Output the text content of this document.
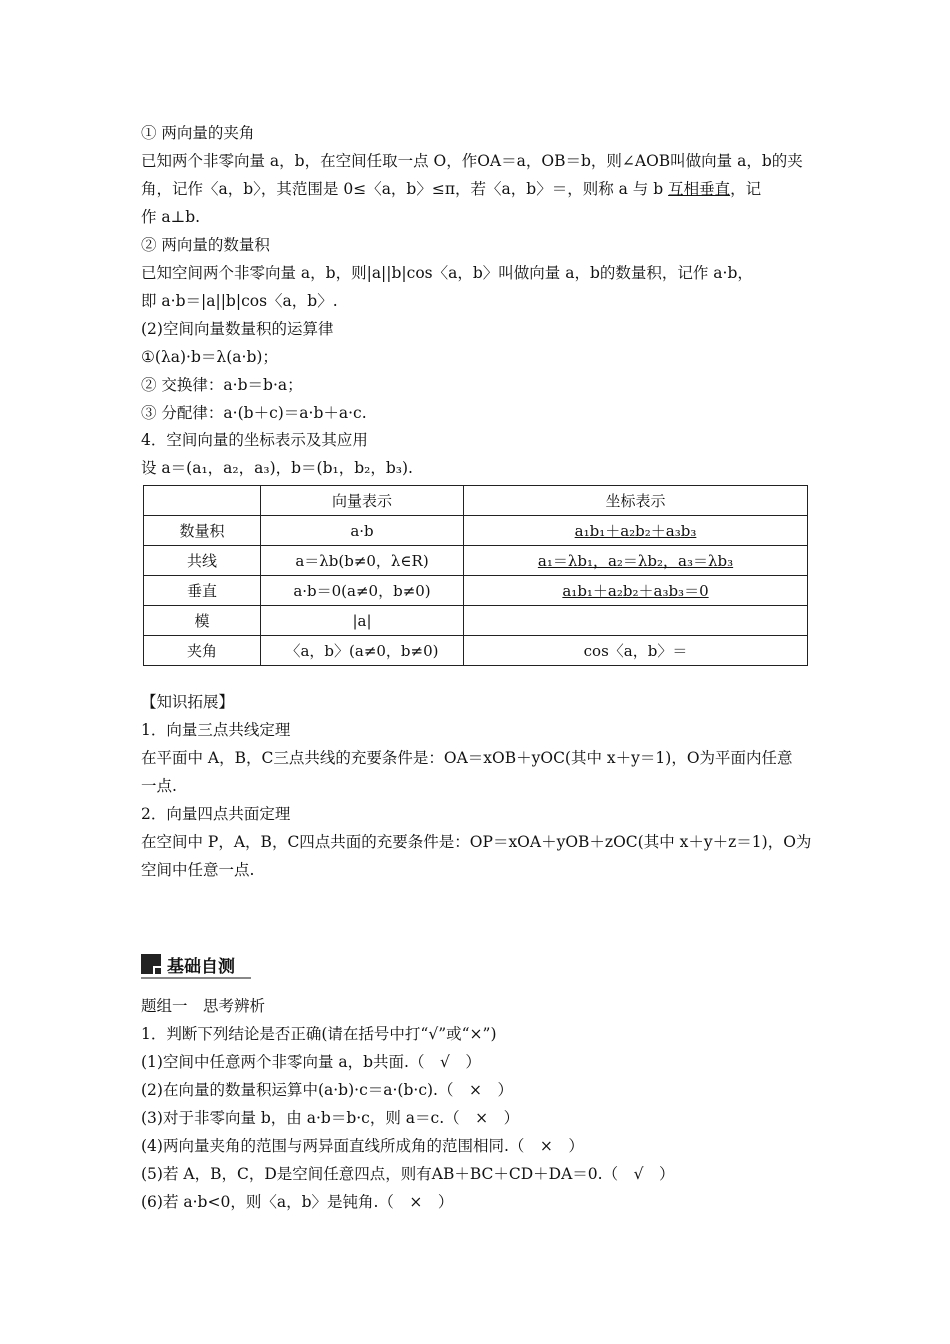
① 两向量的夹角
已知两个非零向量 a，b，在空间任取一点 O，作OA＝a，OB＝b，则∠AOB叫做向量 a，b的夹
角，记作〈a，b〉，其范围是 0≤〈a，b〉≤π，若〈a，b〉＝，则称 a 与 b 互相垂直，记
作 a⊥b.
② 两向量的数量积
已知空间两个非零向量 a，b，则|a||b|cos〈a，b〉叫做向量 a，b的数量积，记作 a·b，
即 a·b＝|a||b|cos〈a，b〉.
(2)空间向量数量积的运算律
①(λa)·b＝λ(a·b)；
② 交换律：a·b＝b·a；
③ 分配律：a·(b＋c)＝a·b＋a·c.
4．空间向量的坐标表示及其应用
设 a＝(a₁，a₂，a₃)，b＝(b₁，b₂，b₃).
	向量表示	坐标表示
数量积	a·b	a₁b₁＋a₂b₂＋a₃b₃
共线	a＝λb(b≠0，λ∈R)	a₁＝λb₁，a₂＝λb₂，a₃＝λb₃
垂直	a·b＝0(a≠0，b≠0)	a₁b₁＋a₂b₂＋a₃b₃＝0
模	|a|	
夹角	〈a，b〉(a≠0，b≠0)	cos〈a，b〉＝
【知识拓展】
1．向量三点共线定理
在平面中 A，B，C三点共线的充要条件是：OA＝xOB＋yOC(其中 x＋y＝1)，O为平面内任意
一点.
2．向量四点共面定理
在空间中 P，A，B，C四点共面的充要条件是：OP＝xOA＋yOB＋zOC(其中 x＋y＋z＝1)，O为
空间中任意一点.
基础自测
题组一　思考辨析
1．判断下列结论是否正确(请在括号中打“√”或“×”)
(1)空间中任意两个非零向量 a，b共面.（　√　）
(2)在向量的数量积运算中(a·b)·c＝a·(b·c).（　×　）
(3)对于非零向量 b，由 a·b＝b·c，则 a＝c.（　×　）
(4)两向量夹角的范围与两异面直线所成角的范围相同.（　×　）
(5)若 A，B，C，D是空间任意四点，则有AB＋BC＋CD＋DA＝0.（　√　）
(6)若 a·b<0，则〈a，b〉是钝角.（　×　）
